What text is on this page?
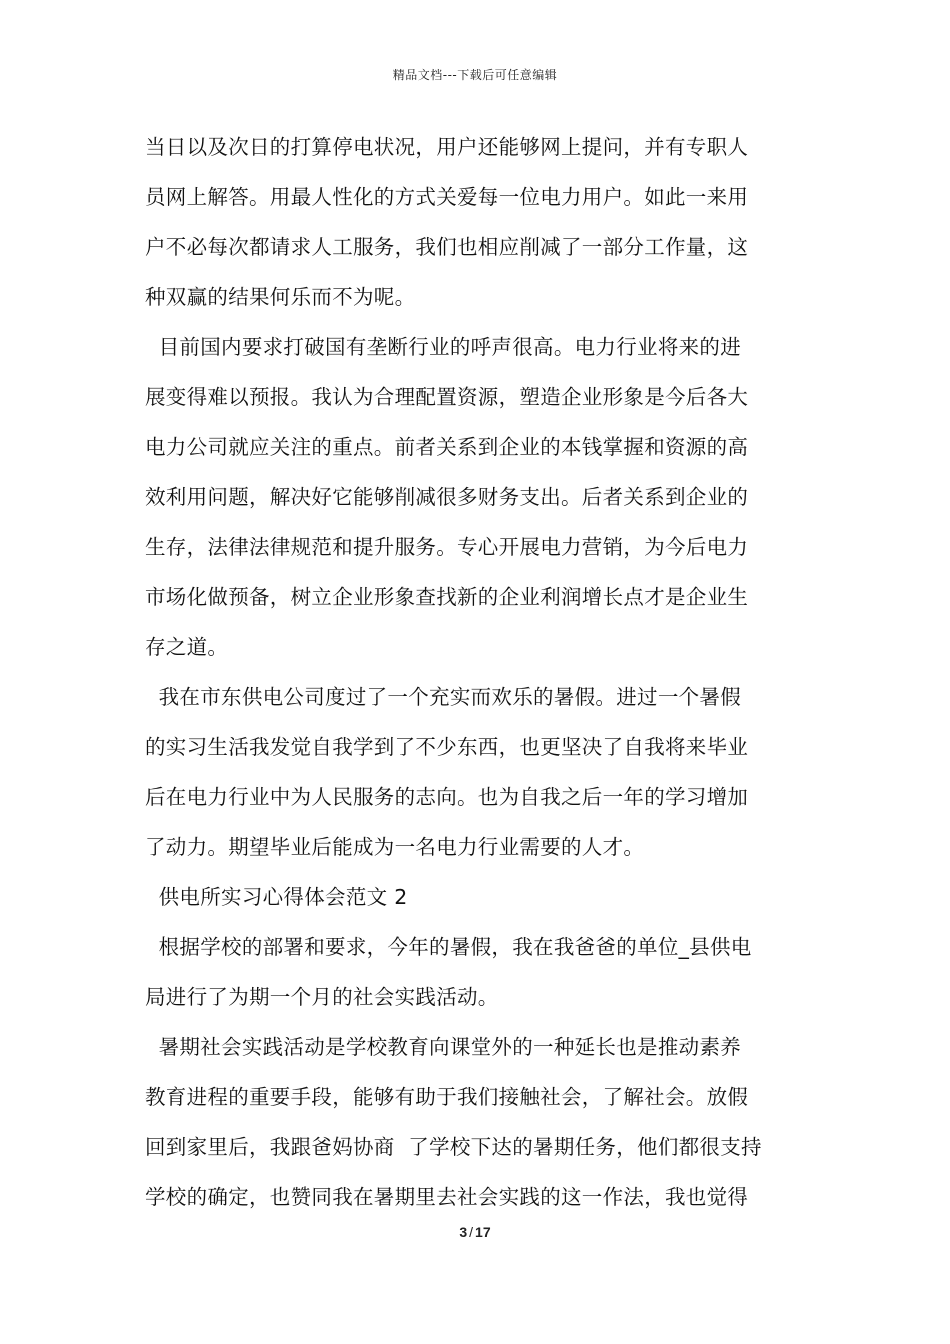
精品文档---下载后可任意编辑
当日以及次日的打算停电状况，用户还能够网上提问，并有专职人
员网上解答。用最人性化的方式关爱每一位电力用户。如此一来用
户不必每次都请求人工服务，我们也相应削减了一部分工作量，这
种双赢的结果何乐而不为呢。
目前国内要求打破国有垄断行业的呼声很高。电力行业将来的进
展变得难以预报。我认为合理配置资源，塑造企业形象是今后各大
电力公司就应关注的重点。前者关系到企业的本钱掌握和资源的高
效利用问题，解决好它能够削减很多财务支出。后者关系到企业的
生存，法律法律规范和提升服务。专心开展电力营销，为今后电力
市场化做预备，树立企业形象查找新的企业利润增长点才是企业生
存之道。
我在市东供电公司度过了一个充实而欢乐的暑假。进过一个暑假
的实习生活我发觉自我学到了不少东西，也更坚决了自我将来毕业
后在电力行业中为人民服务的志向。也为自我之后一年的学习增加
了动力。期望毕业后能成为一名电力行业需要的人才。
供电所实习心得体会范文 2
根据学校的部署和要求，今年的暑假，我在我爸爸的单位_县供电
局进行了为期一个月的社会实践活动。
暑期社会实践活动是学校教育向课堂外的一种延长也是推动素养
教育进程的重要手段，能够有助于我们接触社会，了解社会。放假
回到家里后，我跟爸妈协商  了学校下达的暑期任务，他们都很支持
学校的确定，也赞同我在暑期里去社会实践的这一作法，我也觉得
3 / 17
